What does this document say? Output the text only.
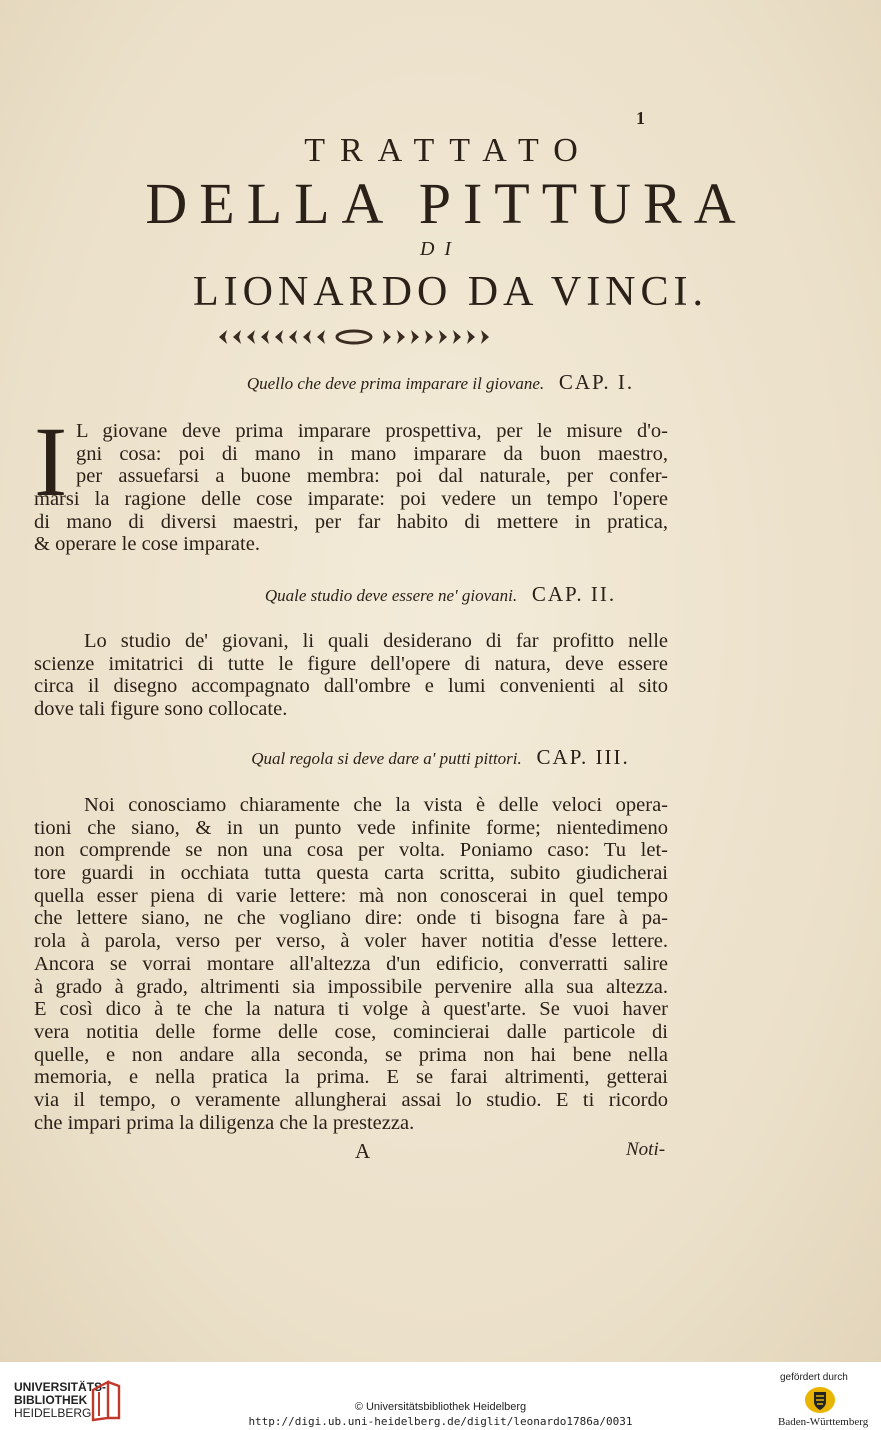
1
TRATTATO
DELLA PITTURA
DI
LIONARDO DA VINCI.
Quello che deve prima imparare il giovane. CAP. I.
I L giovane deve prima imparare prospettiva, per le misure d'o-
gni cosa: poi di mano in mano imparare da buon maestro,
per assuefarsi a buone membra: poi dal naturale, per confer-
marsi la ragione delle cose imparate: poi vedere un tempo l'opere
di mano di diversi maestri, per far habito di mettere in pratica,
& operare le cose imparate.
Quale studio deve essere ne' giovani. CAP. II.
Lo studio de' giovani, li quali desiderano di far profitto nelle
scienze imitatrici di tutte le figure dell'opere di natura, deve essere
circa il disegno accompagnato dall'ombre e lumi convenienti al sito
dove tali figure sono collocate.
Qual regola si deve dare a' putti pittori. CAP. III.
Noi conosciamo chiaramente che la vista è delle veloci opera-
tioni che siano, & in un punto vede infinite forme; nientedimeno
non comprende se non una cosa per volta. Poniamo caso: Tu let-
tore guardi in occhiata tutta questa carta scritta, subito giudicherai
quella esser piena di varie lettere: mà non conoscerai in quel tempo
che lettere siano, ne che vogliano dire: onde ti bisogna fare à pa-
rola à parola, verso per verso, à voler haver notitia d'esse lettere.
Ancora se vorrai montare all'altezza d'un edificio, converratti salire
à grado à grado, altrimenti sia impossibile pervenire alla sua altezza.
E così dico à te che la natura ti volge à quest'arte. Se vuoi haver
vera notitia delle forme delle cose, comincierai dalle particole di
quelle, e non andare alla seconda, se prima non hai bene nella
memoria, e nella pratica la prima. E se farai altrimenti, getterai
via il tempo, o veramente allungherai assai lo studio. E ti ricordo
che impari prima la diligenza che la prestezza.
A	Noti-
UNIVERSITÄTS-
BIBLIOTHEK
HEIDELBERG	© Universitätsbibliothek Heidelberg
http://digi.ub.uni-heidelberg.de/diglit/leonardo1786a/0031
gefördert durch
Baden-Württemberg
